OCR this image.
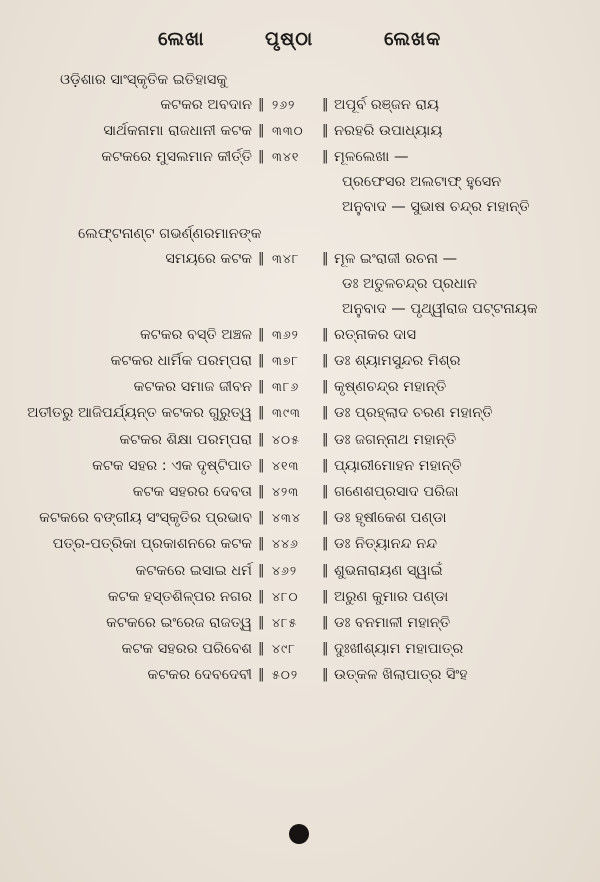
ଲେଖା	ପୃଷ୍ଠା	ଲେଖକ
ଓଡ଼ିଶାର ସାଂସ୍କୃତିକ ଇତିହାସକୁ
କଟକର ଅବଦାନ ‖ ୨୬୨ ‖ ଅପୂର୍ବ ରଞ୍ଜନ ରାୟ
ସାର୍ଥକନାମା ରାଜଧାନୀ କଟକ ‖ ୩୩୦ ‖ ନରହରି ଉପାଧ୍ୟାୟ
କଟକରେ ମୁସଲମାନ କୀର୍ତ୍ତି ‖ ୩୪୧ ‖ ମୂଳଲେଖା —
ପ୍ରଫେସର ଅଲଟାଫ୍ ହୁସେନ
ଅନୁବାଦ — ସୁଭାଷ ଚନ୍ଦ୍ର ମହାନ୍ତି
ଲେଫ୍ଟନାଣ୍ଟ ଗଭର୍ଣ୍ଣରମାନଙ୍କ
ସମୟରେ କଟକ ‖ ୩୪୮ ‖ ମୂଳ ଇଂରାଜୀ ରଚନା —
ଡଃ ଅତୁଳଚନ୍ଦ୍ର ପ୍ରଧାନ
ଅନୁବାଦ — ପୃଥ୍ୱୀରାଜ ପଟ୍ଟନାୟକ
କଟକର ବସ୍ତି ଅଞ୍ଚଳ ‖ ୩୬୨ ‖ ରତ୍ନାକର ଦାସ
କଟକର ଧାର୍ମିକ ପରମ୍ପରା ‖ ୩୭୮ ‖ ଡଃ ଶ୍ୟାମସୁନ୍ଦର ମିଶ୍ର
କଟକର ସମାଜ ଜୀବନ ‖ ୩୮୬ ‖ କୃଷ୍ଣଚନ୍ଦ୍ର ମହାନ୍ତି
ଅତୀତରୁ ଆଜିପର୍ଯ୍ୟନ୍ତ କଟକର ଗୁରୁତ୍ୱ ‖ ୩୯୩ ‖ ଡଃ ପ୍ରହ୍ଲାଦ ଚରଣ ମହାନ୍ତି
କଟକର ଶିକ୍ଷା ପରମ୍ପରା ‖ ୪୦୫ ‖ ଡଃ ଜଗନ୍ନାଥ ମହାନ୍ତି
କଟକ ସହର : ଏକ ଦୃଷ୍ଟିପାତ ‖ ୪୧୩ ‖ ପ୍ୟାରୀମୋହନ ମହାନ୍ତି
କଟକ ସହରର ଦେବତା ‖ ୪୨୩ ‖ ଗଣେଶପ୍ରସାଦ ପରିଜା
କଟକରେ ବଙ୍ଗୀୟ ସଂସ୍କୃତିର ପ୍ରଭାବ ‖ ୪୩୪ ‖ ଡଃ ହୃଷୀକେଶ ପଣ୍ଡା
ପତ୍ର-ପତ୍ରିକା ପ୍ରକାଶନରେ କଟକ ‖ ୪୪୬ ‖ ଡଃ ନିତ୍ୟାନନ୍ଦ ନନ୍ଦ
କଟକରେ ଇସାଇ ଧର୍ମ ‖ ୪୬୨ ‖ ଶୁଭନାରାୟଣ ସ୍ୱାଇଁ
କଟକ ହସ୍ତଶିଳ୍ପର ନଗର ‖ ୪୮୦ ‖ ଅରୁଣ କୁମାର ପଣ୍ଡା
କଟକରେ ଇଂରେଜ ରାଜତ୍ୱ ‖ ୪୮୫ ‖ ଡଃ ବନମାଳୀ ମହାନ୍ତି
କଟକ ସହରର ପରିବେଶ ‖ ୪୯୮ ‖ ଦୁଃଖୀଶ୍ୟାମ ମହାପାତ୍ର
କଟକର ଦେବଦେବୀ ‖ ୫୦୨ ‖ ଉତ୍କଳ ଖିଲାପାତ୍ର ସିଂହ
